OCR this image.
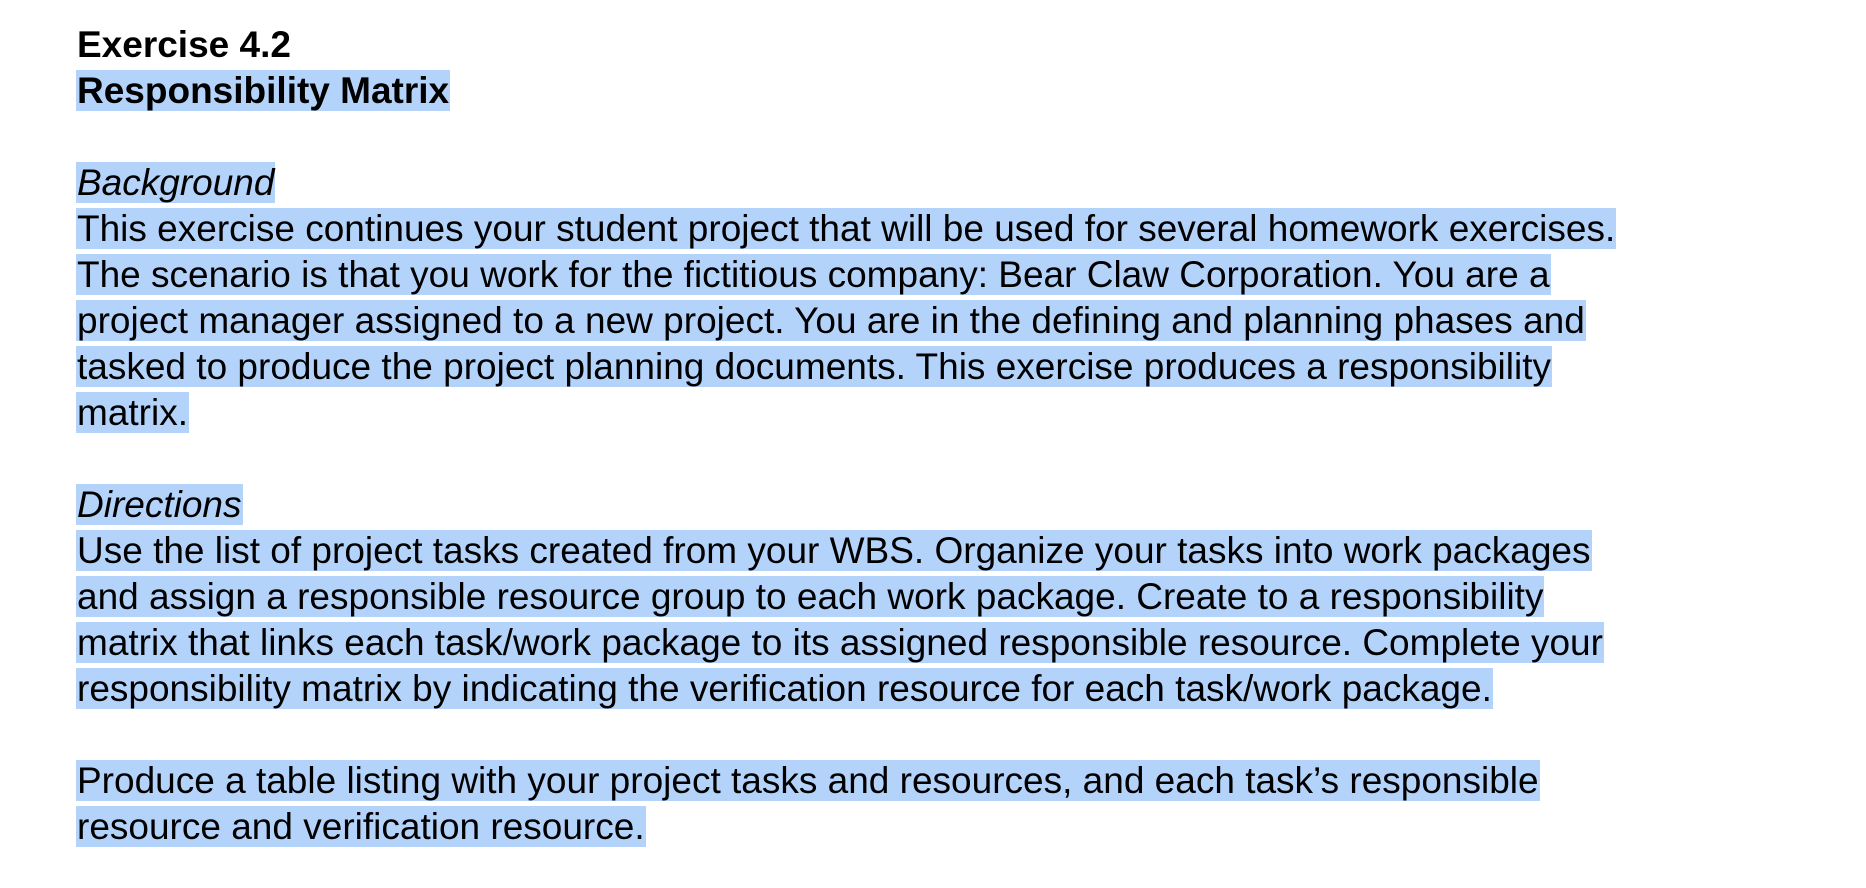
Exercise 4.2
Responsibility Matrix
Background
This exercise continues your student project that will be used for several homework exercises.
The scenario is that you work for the fictitious company: Bear Claw Corporation. You are a
project manager assigned to a new project. You are in the defining and planning phases and
tasked to produce the project planning documents. This exercise produces a responsibility
matrix.
Directions
Use the list of project tasks created from your WBS. Organize your tasks into work packages
and assign a responsible resource group to each work package. Create to a responsibility
matrix that links each task/work package to its assigned responsible resource. Complete your
responsibility matrix by indicating the verification resource for each task/work package.
Produce a table listing with your project tasks and resources, and each task’s responsible
resource and verification resource.
